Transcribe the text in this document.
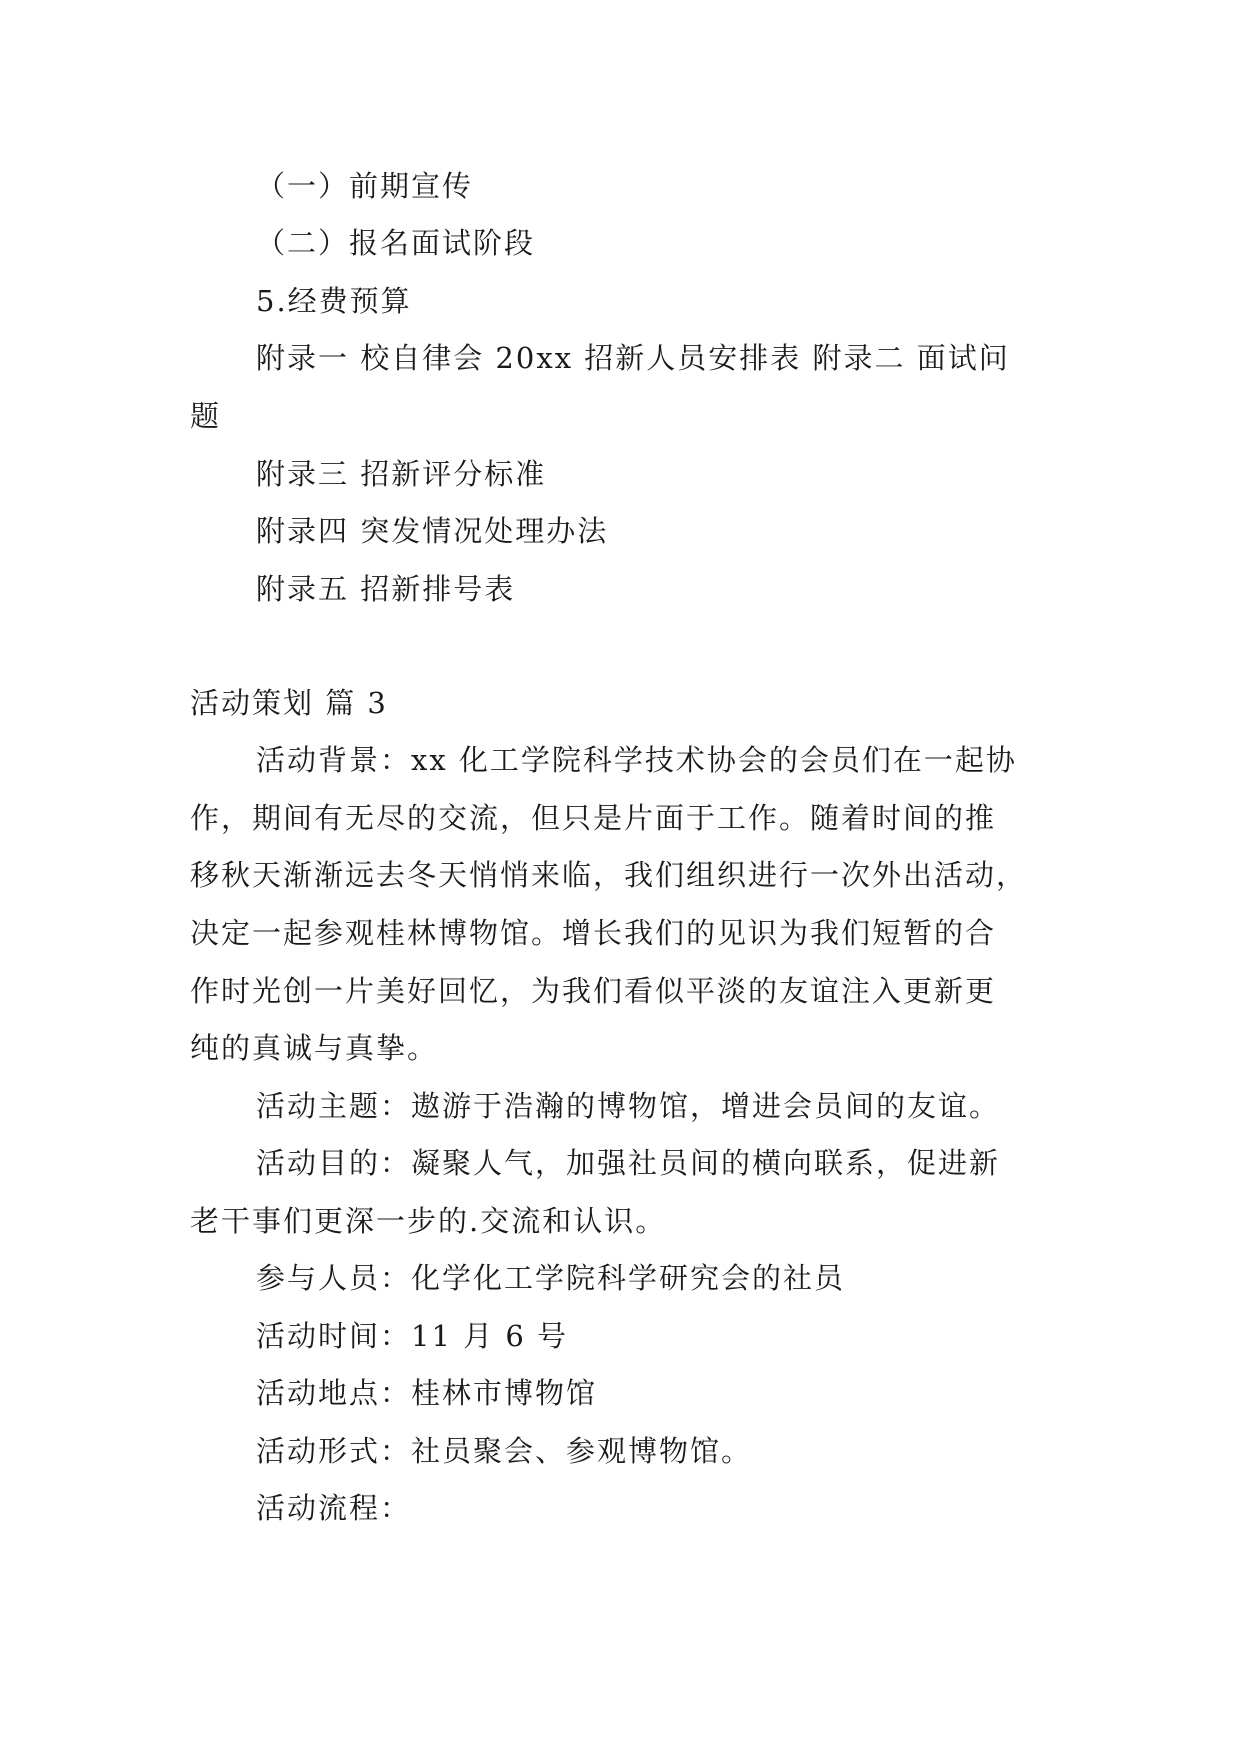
（一）前期宣传
（二）报名面试阶段
5.经费预算
附录一 校自律会 20xx 招新人员安排表 附录二 面试问
题
附录三 招新评分标准
附录四 突发情况处理办法
附录五 招新排号表
活动策划 篇 3
活动背景：xx 化工学院科学技术协会的会员们在一起协
作，期间有无尽的交流，但只是片面于工作。随着时间的推
移秋天渐渐远去冬天悄悄来临，我们组织进行一次外出活动，
决定一起参观桂林博物馆。增长我们的见识为我们短暂的合
作时光创一片美好回忆，为我们看似平淡的友谊注入更新更
纯的真诚与真挚。
活动主题：遨游于浩瀚的博物馆，增进会员间的友谊。
活动目的：凝聚人气，加强社员间的横向联系，促进新
老干事们更深一步的.交流和认识。
参与人员：化学化工学院科学研究会的社员
活动时间：11 月 6 号
活动地点：桂林市博物馆
活动形式：社员聚会、参观博物馆。
活动流程：
